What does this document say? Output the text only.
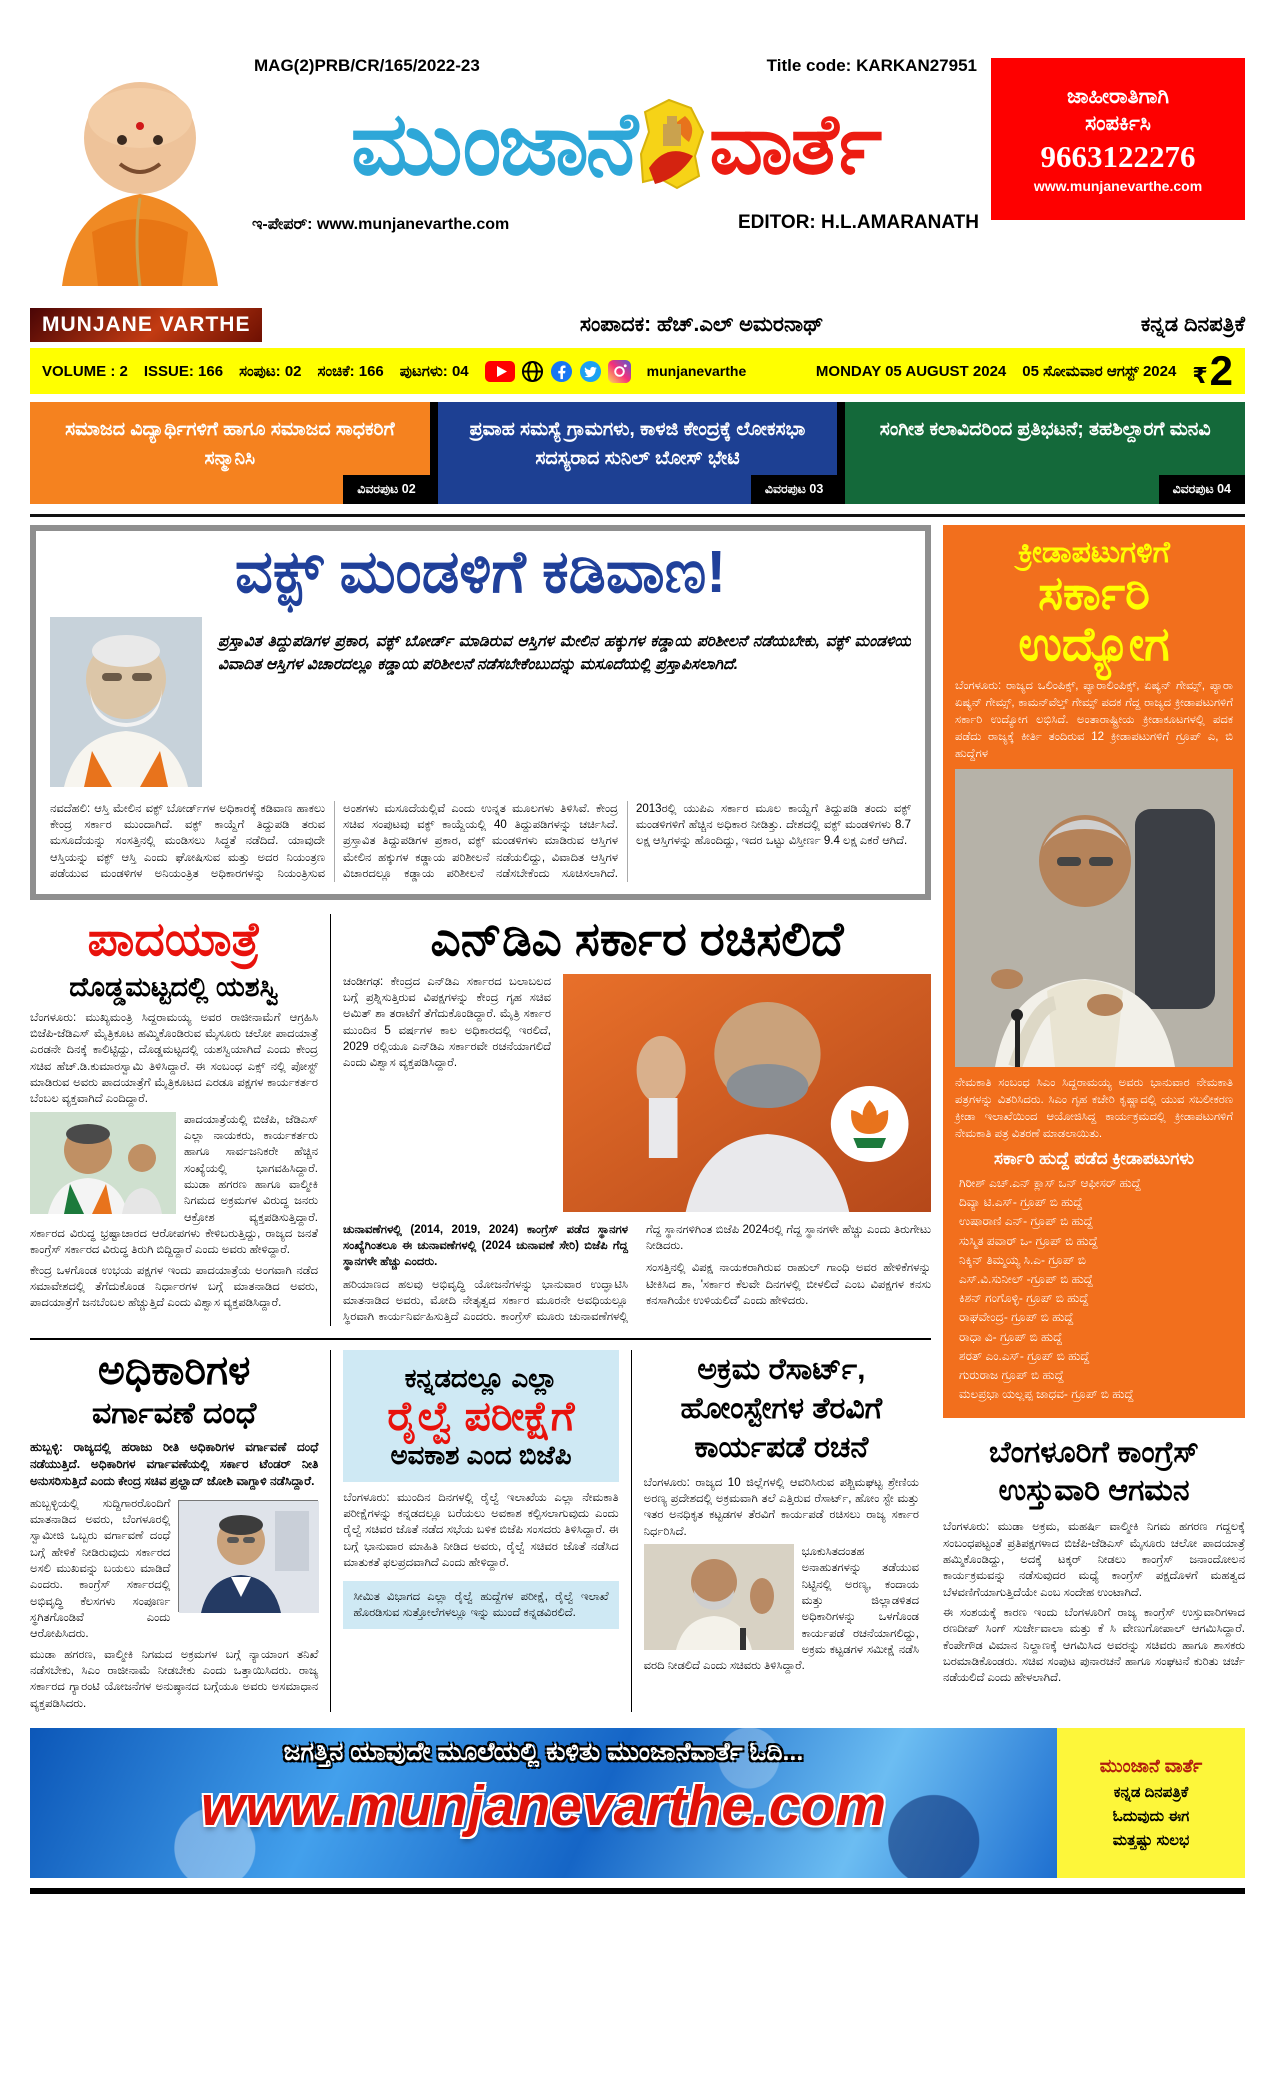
MAG(2)PRB/CR/165/2022-23	Title code: KARKAN27951
ಮುಂಜಾನೆ ವಾರ್ತೆ
ಇ-ಪೇಪರ್: www.munjanevarthe.com	EDITOR: H.L.AMARANATH
ಜಾಹೀರಾತಿಗಾಗಿ
ಸಂಪರ್ಕಿಸಿ
9663122276
www.munjanevarthe.com
MUNJANE VARTHE	ಸಂಪಾದಕ: ಹೆಚ್.ಎಲ್ ಅಮರನಾಥ್	ಕನ್ನಡ ದಿನಪತ್ರಿಕೆ
VOLUME : 2 ISSUE: 166 ಸಂಪುಟ: 02 ಸಂಚಿಕೆ: 166 ಪುಟಗಳು: 04	munjanevarthe	MONDAY 05 AUGUST 2024 05 ಸೋಮವಾರ ಆಗಸ್ಟ್ 2024 ₹ 2
ಸಮಾಜದ ವಿದ್ಯಾರ್ಥಿಗಳಿಗೆ ಹಾಗೂ ಸಮಾಜದ ಸಾಧಕರಿಗೆ ಸನ್ಮಾನಿಸಿ
ವಿವರಪುಟ 02
ಪ್ರವಾಹ ಸಮಸ್ಯೆ ಗ್ರಾಮಗಳು, ಕಾಳಜಿ ಕೇಂದ್ರಕ್ಕೆ ಲೋಕಸಭಾ ಸದಸ್ಯರಾದ ಸುನಿಲ್ ಬೋಸ್ ಭೇಟಿ
ವಿವರಪುಟ 03
ಸಂಗೀತ ಕಲಾವಿದರಿಂದ ಪ್ರತಿಭಟನೆ; ತಹಶಿಲ್ದಾರಗೆ ಮನವಿ
ವಿವರಪುಟ 04
ವಕ್ಫ್ ಮಂಡಳಿಗೆ ಕಡಿವಾಣ!

ಪ್ರಸ್ತಾವಿತ ತಿದ್ದುಪಡಿಗಳ ಪ್ರಕಾರ, ವಕ್ಫ್ ಬೋರ್ಡ್ ಮಾಡಿರುವ ಆಸ್ತಿಗಳ ಮೇಲಿನ ಹಕ್ಕುಗಳ ಕಡ್ಡಾಯ ಪರಿಶೀಲನೆ ನಡೆಯಬೇಕು, ವಕ್ಫ್ ಮಂಡಳಿಯ ವಿವಾದಿತ ಆಸ್ತಿಗಳ ವಿಚಾರದಲ್ಲೂ ಕಡ್ಡಾಯ ಪರಿಶೀಲನೆ ನಡೆಸಬೇಕೆಂಬುದನ್ನು ಮಸೂದೆಯಲ್ಲಿ ಪ್ರಸ್ತಾಪಿಸಲಾಗಿದೆ.

ನವದೆಹಲಿ: ಆಸ್ತಿ ಮೇಲಿನ ವಕ್ಫ್ ಬೋರ್ಡ್‌ಗಳ ಅಧಿಕಾರಕ್ಕೆ ಕಡಿವಾಣ ಹಾಕಲು ಕೇಂದ್ರ ಸರ್ಕಾರ ಮುಂದಾಗಿದೆ. ವಕ್ಫ್ ಕಾಯ್ದೆಗೆ ತಿದ್ದುಪಡಿ ತರುವ ಮಸೂದೆಯನ್ನು ಸಂಸತ್ತಿನಲ್ಲಿ ಮಂಡಿಸಲು ಸಿದ್ಧತೆ ನಡೆದಿದೆ. ಯಾವುದೇ ಆಸ್ತಿಯನ್ನು ವಕ್ಫ್ ಆಸ್ತಿ ಎಂದು ಘೋಷಿಸುವ ಮತ್ತು ಅದರ ನಿಯಂತ್ರಣ ಪಡೆಯುವ ಮಂಡಳಿಗಳ ಅನಿಯಂತ್ರಿತ ಅಧಿಕಾರಗಳನ್ನು ನಿಯಂತ್ರಿಸುವ ಅಂಶಗಳು ಮಸೂದೆಯಲ್ಲಿವೆ ಎಂದು ಉನ್ನತ ಮೂಲಗಳು ತಿಳಿಸಿವೆ. ಕೇಂದ್ರ ಸಚಿವ ಸಂಪುಟವು ವಕ್ಫ್ ಕಾಯ್ದೆಯಲ್ಲಿ 40 ತಿದ್ದುಪಡಿಗಳನ್ನು ಚರ್ಚಿಸಿದೆ. ಪ್ರಸ್ತಾವಿತ ತಿದ್ದುಪಡಿಗಳ ಪ್ರಕಾರ, ವಕ್ಫ್ ಮಂಡಳಿಗಳು ಮಾಡಿರುವ ಆಸ್ತಿಗಳ ಮೇಲಿನ ಹಕ್ಕುಗಳ ಕಡ್ಡಾಯ ಪರಿಶೀಲನೆ ನಡೆಯಲಿದ್ದು, ವಿವಾದಿತ ಆಸ್ತಿಗಳ ವಿಚಾರದಲ್ಲೂ ಕಡ್ಡಾಯ ಪರಿಶೀಲನೆ ನಡೆಸಬೇಕೆಂದು ಸೂಚಿಸಲಾಗಿದೆ. 2013ರಲ್ಲಿ ಯುಪಿಎ ಸರ್ಕಾರ ಮೂಲ ಕಾಯ್ದೆಗೆ ತಿದ್ದುಪಡಿ ತಂದು ವಕ್ಫ್ ಮಂಡಳಿಗಳಿಗೆ ಹೆಚ್ಚಿನ ಅಧಿಕಾರ ನೀಡಿತ್ತು. ದೇಶದಲ್ಲಿ ವಕ್ಫ್ ಮಂಡಳಿಗಳು 8.7 ಲಕ್ಷ ಆಸ್ತಿಗಳನ್ನು ಹೊಂದಿದ್ದು, ಇದರ ಒಟ್ಟು ವಿಸ್ತೀರ್ಣ 9.4 ಲಕ್ಷ ಎಕರೆ ಆಗಿದೆ.
ಪಾದಯಾತ್ರೆ
ದೊಡ್ಡಮಟ್ಟದಲ್ಲಿ ಯಶಸ್ವಿ

ಬೆಂಗಳೂರು: ಮುಖ್ಯಮಂತ್ರಿ ಸಿದ್ದರಾಮಯ್ಯ ಅವರ ರಾಜೀನಾಮೆಗೆ ಆಗ್ರಹಿಸಿ ಬಿಜೆಪಿ-ಜೆಡಿಎಸ್ ಮೈತ್ರಿಕೂಟ ಹಮ್ಮಿಕೊಂಡಿರುವ ಮೈಸೂರು ಚಲೋ ಪಾದಯಾತ್ರೆ ಎರಡನೇ ದಿನಕ್ಕೆ ಕಾಲಿಟ್ಟಿದ್ದು, ದೊಡ್ಡಮಟ್ಟದಲ್ಲಿ ಯಶಸ್ವಿಯಾಗಿದೆ ಎಂದು ಕೇಂದ್ರ ಸಚಿವ ಹೆಚ್.ಡಿ.ಕುಮಾರಸ್ವಾಮಿ ತಿಳಿಸಿದ್ದಾರೆ. ಈ ಸಂಬಂಧ ಎಕ್ಸ್ ನಲ್ಲಿ ಪೋಸ್ಟ್ ಮಾಡಿರುವ ಅವರು ಪಾದಯಾತ್ರೆಗೆ ಮೈತ್ರಿಕೂಟದ ಎರಡೂ ಪಕ್ಷಗಳ ಕಾರ್ಯಕರ್ತರ ಬೆಂಬಲ ವ್ಯಕ್ತವಾಗಿದೆ ಎಂದಿದ್ದಾರೆ.

ಪಾದಯಾತ್ರೆಯಲ್ಲಿ ಬಿಜೆಪಿ, ಜೆಡಿಎಸ್ ಎಲ್ಲಾ ನಾಯಕರು, ಕಾರ್ಯಕರ್ತರು ಹಾಗೂ ಸಾರ್ವಜನಿಕರೇ ಹೆಚ್ಚಿನ ಸಂಖ್ಯೆಯಲ್ಲಿ ಭಾಗವಹಿಸಿದ್ದಾರೆ. ಮುಡಾ ಹಗರಣ ಹಾಗೂ ವಾಲ್ಮೀಕಿ ನಿಗಮದ ಅಕ್ರಮಗಳ ವಿರುದ್ಧ ಜನರು ಆಕ್ರೋಶ ವ್ಯಕ್ತಪಡಿಸುತ್ತಿದ್ದಾರೆ. ಸರ್ಕಾರದ ವಿರುದ್ಧ ಭ್ರಷ್ಟಾಚಾರದ ಆರೋಪಗಳು ಕೇಳಿಬರುತ್ತಿದ್ದು, ರಾಜ್ಯದ ಜನತೆ ಕಾಂಗ್ರೆಸ್ ಸರ್ಕಾರದ ವಿರುದ್ಧ ತಿರುಗಿ ಬಿದ್ದಿದ್ದಾರೆ ಎಂದು ಅವರು ಹೇಳಿದ್ದಾರೆ.

ಕೇಂದ್ರ ಒಳಗೊಂಡ ಉಭಯ ಪಕ್ಷಗಳ ಇಂದು ಪಾದಯಾತ್ರೆಯ ಅಂಗವಾಗಿ ನಡೆದ ಸಮಾವೇಶದಲ್ಲಿ ತೆಗೆದುಕೊಂಡ ನಿರ್ಧಾರಗಳ ಬಗ್ಗೆ ಮಾತನಾಡಿದ ಅವರು, ಪಾದಯಾತ್ರೆಗೆ ಜನಬೆಂಬಲ ಹೆಚ್ಚುತ್ತಿದೆ ಎಂದು ವಿಶ್ವಾಸ ವ್ಯಕ್ತಪಡಿಸಿದ್ದಾರೆ.

ಎನ್‌ಡಿಎ ಸರ್ಕಾರ ರಚಿಸಲಿದೆ
ಚಂಡೀಗಢ: ಕೇಂದ್ರದ ಎನ್‌ಡಿಎ ಸರ್ಕಾರದ ಬಲಾಬಲದ ಬಗ್ಗೆ ಪ್ರಶ್ನಿಸುತ್ತಿರುವ ವಿಪಕ್ಷಗಳನ್ನು ಕೇಂದ್ರ ಗೃಹ ಸಚಿವ ಅಮಿತ್ ಶಾ ತರಾಟೆಗೆ ತೆಗೆದುಕೊಂಡಿದ್ದಾರೆ. ಮೈತ್ರಿ ಸರ್ಕಾರ ಮುಂದಿನ 5 ವರ್ಷಗಳ ಕಾಲ ಅಧಿಕಾರದಲ್ಲಿ ಇರಲಿದೆ, 2029 ರಲ್ಲಿಯೂ ಎನ್‌ಡಿಎ ಸರ್ಕಾರವೇ ರಚನೆಯಾಗಲಿದೆ ಎಂದು ವಿಶ್ವಾಸ ವ್ಯಕ್ತಪಡಿಸಿದ್ದಾರೆ.

ಚುನಾವಣೆಗಳಲ್ಲಿ (2014, 2019, 2024) ಕಾಂಗ್ರೆಸ್ ಪಡೆದ ಸ್ಥಾನಗಳ ಸಂಖ್ಯೆಗಿಂತಲೂ ಈ ಚುನಾವಣೆಗಳಲ್ಲಿ (2024 ಚುನಾವಣೆ ಸೇರಿ) ಬಿಜೆಪಿ ಗೆದ್ದ ಸ್ಥಾನಗಳೇ ಹೆಚ್ಚು ಎಂದರು.

ಹರಿಯಾಣದ ಹಲವು ಅಭಿವೃದ್ಧಿ ಯೋಜನೆಗಳನ್ನು ಭಾನುವಾರ ಉದ್ಘಾಟಿಸಿ ಮಾತನಾಡಿದ ಅವರು, ಮೋದಿ ನೇತೃತ್ವದ ಸರ್ಕಾರ ಮೂರನೇ ಅವಧಿಯಲ್ಲೂ ಸ್ಥಿರವಾಗಿ ಕಾರ್ಯನಿರ್ವಹಿಸುತ್ತಿದೆ ಎಂದರು. ಕಾಂಗ್ರೆಸ್ ಮೂರು ಚುನಾವಣೆಗಳಲ್ಲಿ ಗೆದ್ದ ಸ್ಥಾನಗಳಿಗಿಂತ ಬಿಜೆಪಿ 2024ರಲ್ಲಿ ಗೆದ್ದ ಸ್ಥಾನಗಳೇ ಹೆಚ್ಚು ಎಂದು ತಿರುಗೇಟು ನೀಡಿದರು.

ಸಂಸತ್ತಿನಲ್ಲಿ ವಿಪಕ್ಷ ನಾಯಕರಾಗಿರುವ ರಾಹುಲ್ ಗಾಂಧಿ ಅವರ ಹೇಳಿಕೆಗಳನ್ನು ಟೀಕಿಸಿದ ಶಾ, 'ಸರ್ಕಾರ ಕೆಲವೇ ದಿನಗಳಲ್ಲಿ ಬೀಳಲಿದೆ ಎಂಬ ವಿಪಕ್ಷಗಳ ಕನಸು ಕನಸಾಗಿಯೇ ಉಳಿಯಲಿದೆ' ಎಂದು ಹೇಳಿದರು.

ಅಧಿಕಾರಿಗಳ
ವರ್ಗಾವಣೆ ದಂಧೆ

ಹುಬ್ಬಳ್ಳಿ: ರಾಜ್ಯದಲ್ಲಿ ಹರಾಜು ರೀತಿ ಅಧಿಕಾರಿಗಳ ವರ್ಗಾವಣೆ ದಂಧೆ ನಡೆಯುತ್ತಿದೆ. ಅಧಿಕಾರಿಗಳ ವರ್ಗಾವಣೆಯಲ್ಲಿ ಸರ್ಕಾರ ಟೆಂಡರ್ ನೀತಿ ಅನುಸರಿಸುತ್ತಿದೆ ಎಂದು ಕೇಂದ್ರ ಸಚಿವ ಪ್ರಲ್ಹಾದ್ ಜೋಶಿ ವಾಗ್ದಾಳಿ ನಡೆಸಿದ್ದಾರೆ.

ಹುಬ್ಬಳ್ಳಿಯಲ್ಲಿ ಸುದ್ದಿಗಾರರೊಂದಿಗೆ ಮಾತನಾಡಿದ ಅವರು, ಬೆಂಗಳೂರಲ್ಲಿ ಸ್ವಾಮೀಜಿ ಒಬ್ಬರು ವರ್ಗಾವಣೆ ದಂಧೆ ಬಗ್ಗೆ ಹೇಳಿಕೆ ನೀಡಿರುವುದು ಸರ್ಕಾರದ ಅಸಲಿ ಮುಖವನ್ನು ಬಯಲು ಮಾಡಿದೆ ಎಂದರು. ಕಾಂಗ್ರೆಸ್ ಸರ್ಕಾರದಲ್ಲಿ ಅಭಿವೃದ್ಧಿ ಕೆಲಸಗಳು ಸಂಪೂರ್ಣ ಸ್ಥಗಿತಗೊಂಡಿವೆ ಎಂದು ಆರೋಪಿಸಿದರು.

ಮುಡಾ ಹಗರಣ, ವಾಲ್ಮೀಕಿ ನಿಗಮದ ಅಕ್ರಮಗಳ ಬಗ್ಗೆ ನ್ಯಾಯಾಂಗ ತನಿಖೆ ನಡೆಸಬೇಕು, ಸಿಎಂ ರಾಜೀನಾಮೆ ನೀಡಬೇಕು ಎಂದು ಒತ್ತಾಯಿಸಿದರು. ರಾಜ್ಯ ಸರ್ಕಾರದ ಗ್ಯಾರಂಟಿ ಯೋಜನೆಗಳ ಅನುಷ್ಠಾನದ ಬಗ್ಗೆಯೂ ಅವರು ಅಸಮಾಧಾನ ವ್ಯಕ್ತಪಡಿಸಿದರು.

ಕನ್ನಡದಲ್ಲೂ ಎಲ್ಲಾ
ರೈಲ್ವೆ ಪರೀಕ್ಷೆಗೆ
ಅವಕಾಶ ಎಂದ ಬಿಜೆಪಿ

ಬೆಂಗಳೂರು: ಮುಂದಿನ ದಿನಗಳಲ್ಲಿ ರೈಲ್ವೆ ಇಲಾಖೆಯ ಎಲ್ಲಾ ನೇಮಕಾತಿ ಪರೀಕ್ಷೆಗಳನ್ನು ಕನ್ನಡದಲ್ಲೂ ಬರೆಯಲು ಅವಕಾಶ ಕಲ್ಪಿಸಲಾಗುವುದು ಎಂದು ರೈಲ್ವೆ ಸಚಿವರ ಜೊತೆ ನಡೆದ ಸಭೆಯ ಬಳಿಕ ಬಿಜೆಪಿ ಸಂಸದರು ತಿಳಿಸಿದ್ದಾರೆ. ಈ ಬಗ್ಗೆ ಭಾನುವಾರ ಮಾಹಿತಿ ನೀಡಿದ ಅವರು, ರೈಲ್ವೆ ಸಚಿವರ ಜೊತೆ ನಡೆಸಿದ ಮಾತುಕತೆ ಫಲಪ್ರದವಾಗಿದೆ ಎಂದು ಹೇಳಿದ್ದಾರೆ.

ಸೀಮಿತ ವಿಭಾಗದ ಎಲ್ಲಾ ರೈಲ್ವೆ ಹುದ್ದೆಗಳ ಪರೀಕ್ಷೆ, ರೈಲ್ವೆ ಇಲಾಖೆ ಹೊರಡಿಸುವ ಸುತ್ತೋಲೆಗಳಲ್ಲೂ ಇನ್ನು ಮುಂದೆ ಕನ್ನಡವಿರಲಿದೆ.
ಅಕ್ರಮ ರೆಸಾರ್ಟ್,
ಹೋಂಸ್ಟೇಗಳ ತೆರವಿಗೆ
ಕಾರ್ಯಪಡೆ ರಚನೆ

ಬೆಂಗಳೂರು: ರಾಜ್ಯದ 10 ಜಿಲ್ಲೆಗಳಲ್ಲಿ ಆವರಿಸಿರುವ ಪಶ್ಚಿಮಘಟ್ಟ ಶ್ರೇಣಿಯ ಅರಣ್ಯ ಪ್ರದೇಶದಲ್ಲಿ ಅಕ್ರಮವಾಗಿ ತಲೆ ಎತ್ತಿರುವ ರೆಸಾರ್ಟ್, ಹೋಂ ಸ್ಟೇ ಮತ್ತು ಇತರ ಅನಧಿಕೃತ ಕಟ್ಟಡಗಳ ತೆರವಿಗೆ ಕಾರ್ಯಪಡೆ ರಚಿಸಲು ರಾಜ್ಯ ಸರ್ಕಾರ ನಿರ್ಧರಿಸಿದೆ.

ಭೂಕುಸಿತದಂತಹ ಅನಾಹುತಗಳನ್ನು ತಡೆಯುವ ನಿಟ್ಟಿನಲ್ಲಿ ಅರಣ್ಯ, ಕಂದಾಯ ಮತ್ತು ಜಿಲ್ಲಾಡಳಿತದ ಅಧಿಕಾರಿಗಳನ್ನು ಒಳಗೊಂಡ ಕಾರ್ಯಪಡೆ ರಚನೆಯಾಗಲಿದ್ದು, ಅಕ್ರಮ ಕಟ್ಟಡಗಳ ಸಮೀಕ್ಷೆ ನಡೆಸಿ ವರದಿ ನೀಡಲಿದೆ ಎಂದು ಸಚಿವರು ತಿಳಿಸಿದ್ದಾರೆ.

ಕ್ರೀಡಾಪಟುಗಳಿಗೆ
ಸರ್ಕಾರಿ
ಉದ್ಯೋಗ

ಬೆಂಗಳೂರು: ರಾಜ್ಯದ ಒಲಿಂಪಿಕ್ಸ್, ಪ್ಯಾರಾಲಿಂಪಿಕ್ಸ್, ಏಷ್ಯನ್ ಗೇಮ್ಸ್, ಪ್ಯಾರಾ ಏಷ್ಯನ್ ಗೇಮ್ಸ್, ಕಾಮನ್‌ವೆಲ್ತ್ ಗೇಮ್ಸ್ ಪದಕ ಗೆದ್ದ ರಾಜ್ಯದ ಕ್ರೀಡಾಪಟುಗಳಿಗೆ ಸರ್ಕಾರಿ ಉದ್ಯೋಗ ಲಭಿಸಿದೆ. ಅಂತಾರಾಷ್ಟ್ರೀಯ ಕ್ರೀಡಾಕೂಟಗಳಲ್ಲಿ ಪದಕ ಪಡೆದು ರಾಜ್ಯಕ್ಕೆ ಕೀರ್ತಿ ತಂದಿರುವ 12 ಕ್ರೀಡಾಪಟುಗಳಿಗೆ ಗ್ರೂಪ್ ಎ, ಬಿ ಹುದ್ದೆಗಳ

ನೇಮಕಾತಿ ಸಂಬಂಧ ಸಿಎಂ ಸಿದ್ದರಾಮಯ್ಯ ಅವರು ಭಾನುವಾರ ನೇಮಕಾತಿ ಪತ್ರಗಳನ್ನು ವಿತರಿಸಿದರು. ಸಿಎಂ ಗೃಹ ಕಚೇರಿ ಕೃಷ್ಣಾದಲ್ಲಿ ಯುವ ಸಬಲೀಕರಣ ಕ್ರೀಡಾ ಇಲಾಖೆಯಿಂದ ಆಯೋಜಿಸಿದ್ದ ಕಾರ್ಯಕ್ರಮದಲ್ಲಿ ಕ್ರೀಡಾಪಟುಗಳಿಗೆ ನೇಮಕಾತಿ ಪತ್ರ ವಿತರಣೆ ಮಾಡಲಾಯಿತು.

ಸರ್ಕಾರಿ ಹುದ್ದೆ ಪಡೆದ ಕ್ರೀಡಾಪಟುಗಳು
ಗಿರೀಶ್ ಎಚ್.ಎನ್ ಕ್ಲಾಸ್ ಒನ್ ಆಫೀಸರ್ ಹುದ್ದೆ
ದಿವ್ಯಾ ಟಿ.ಎಸ್- ಗ್ರೂಪ್ ಬಿ ಹುದ್ದೆ
ಉಷಾರಾಣಿ ಎನ್- ಗ್ರೂಪ್ ಬಿ ಹುದ್ದೆ
ಸುಸ್ಮಿತ ಪವಾರ್ ಒ- ಗ್ರೂಪ್ ಬಿ ಹುದ್ದೆ
ನಿಕ್ಕಿನ್ ತಿಮ್ಮಯ್ಯ ಸಿ.ಎ- ಗ್ರೂಪ್ ಬಿ
ಎಸ್.ವಿ.ಸುನೀಲ್ -ಗ್ರೂಪ್ ಬಿ ಹುದ್ದೆ
ಕಿಶನ್ ಗಂಗೊಳ್ಳಿ- ಗ್ರೂಪ್ ಬಿ ಹುದ್ದೆ
ರಾಘವೇಂದ್ರ- ಗ್ರೂಪ್ ಬಿ ಹುದ್ದೆ
ರಾಧಾ ವಿ- ಗ್ರೂಪ್ ಬಿ ಹುದ್ದೆ
ಶರತ್ ಎಂ.ಎಸ್- ಗ್ರೂಪ್ ಬಿ ಹುದ್ದೆ
ಗುರುರಾಜ ಗ್ರೂಪ್ ಬಿ ಹುದ್ದೆ
ಮಲಪ್ರಭಾ ಯಲ್ಲಪ್ಪ ಜಾಧವ- ಗ್ರೂಪ್ ಬಿ ಹುದ್ದೆ
ಬೆಂಗಳೂರಿಗೆ ಕಾಂಗ್ರೆಸ್
ಉಸ್ತುವಾರಿ ಆಗಮನ

ಬೆಂಗಳೂರು: ಮುಡಾ ಅಕ್ರಮ, ಮಹರ್ಷಿ ವಾಲ್ಮೀಕಿ ನಿಗಮ ಹಗರಣ ಗದ್ದಲಕ್ಕೆ ಸಂಬಂಧಪಟ್ಟಂತೆ ಪ್ರತಿಪಕ್ಷಗಳಾದ ಬಿಜೆಪಿ-ಜೆಡಿಎಸ್ ಮೈಸೂರು ಚಲೋ ಪಾದಯಾತ್ರೆ ಹಮ್ಮಿಕೊಂಡಿದ್ದು, ಅದಕ್ಕೆ ಟಕ್ಕರ್ ನೀಡಲು ಕಾಂಗ್ರೆಸ್ ಜನಾಂದೋಲನ ಕಾರ್ಯಕ್ರಮವನ್ನು ನಡೆಸುವುದರ ಮಧ್ಯೆ ಕಾಂಗ್ರೆಸ್ ಪಕ್ಷದೊಳಗೆ ಮಹತ್ವದ ಬೆಳವಣಿಗೆಯಾಗುತ್ತಿದೆಯೇ ಎಂಬ ಸಂದೇಹ ಉಂಟಾಗಿದೆ.

ಈ ಸಂಶಯಕ್ಕೆ ಕಾರಣ ಇಂದು ಬೆಂಗಳೂರಿಗೆ ರಾಜ್ಯ ಕಾಂಗ್ರೆಸ್ ಉಸ್ತುವಾರಿಗಳಾದ ರಣದೀಪ್ ಸಿಂಗ್ ಸುರ್ಜೇವಾಲಾ ಮತ್ತು ಕೆ ಸಿ ವೇಣುಗೋಪಾಲ್ ಆಗಮಿಸಿದ್ದಾರೆ. ಕೆಂಪೇಗೌಡ ವಿಮಾನ ನಿಲ್ದಾಣಕ್ಕೆ ಆಗಮಿಸಿದ ಅವರನ್ನು ಸಚಿವರು ಹಾಗೂ ಶಾಸಕರು ಬರಮಾಡಿಕೊಂಡರು. ಸಚಿವ ಸಂಪುಟ ಪುನಾರಚನೆ ಹಾಗೂ ಸಂಘಟನೆ ಕುರಿತು ಚರ್ಚೆ ನಡೆಯಲಿದೆ ಎಂದು ಹೇಳಲಾಗಿದೆ.

ಜಗತ್ತಿನ ಯಾವುದೇ ಮೂಲೆಯಲ್ಲಿ ಕುಳಿತು ಮುಂಜಾನೆವಾರ್ತೆ ಓದಿ...
www.munjanevarthe.com
ಮುಂಜಾನೆ ವಾರ್ತೆ
ಕನ್ನಡ ದಿನಪತ್ರಿಕೆ
ಓದುವುದು ಈಗ
ಮತ್ತಷ್ಟು ಸುಲಭ
